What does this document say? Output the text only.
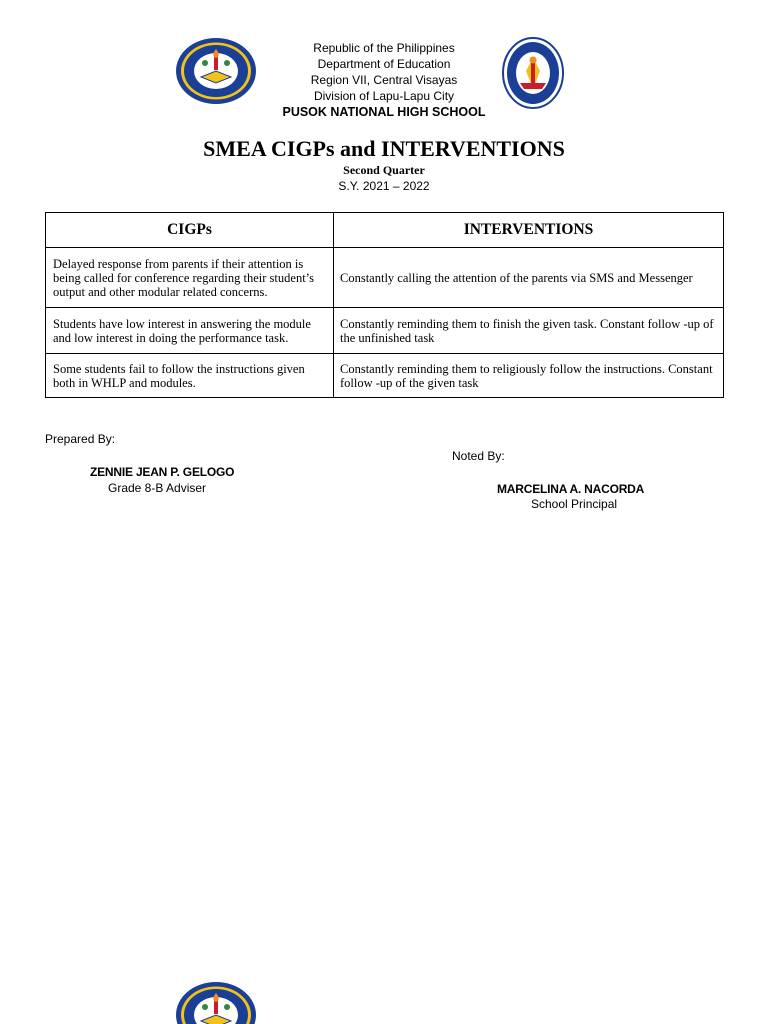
Republic of the Philippines
Department of Education
Region VII, Central Visayas
Division of Lapu-Lapu City
PUSOK NATIONAL HIGH SCHOOL
SMEA CIGPs and INTERVENTIONS
Second Quarter
S.Y. 2021 – 2022
CIGPs	INTERVENTIONS
Delayed response from parents if their attention is being called for conference regarding their student’s output and other modular related concerns.	Constantly calling the attention of the parents via SMS and Messenger
Students have low interest in answering the module and low interest in doing the performance task.	Constantly reminding them to finish the given task. Constant follow -up of the unfinished task
Some students fail to follow the instructions given both in WHLP and modules.	Constantly reminding them to religiously follow the instructions. Constant follow -up of the given task
Prepared By:
ZENNIE JEAN P. GELOGO
Grade 8-B Adviser
Noted By:
MARCELINA A. NACORDA
School Principal
